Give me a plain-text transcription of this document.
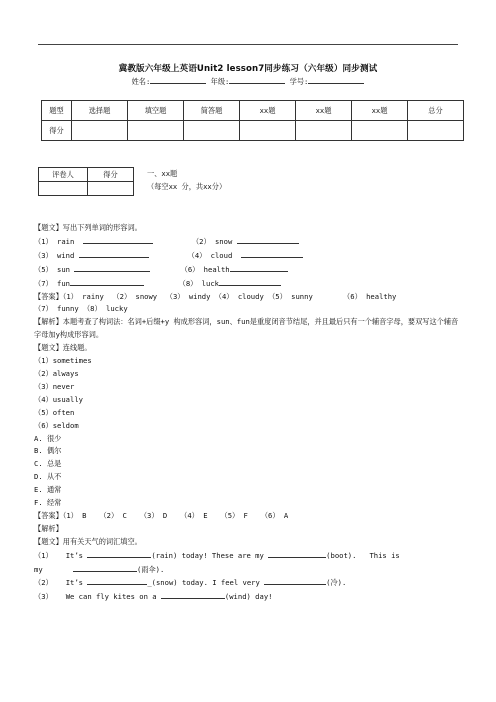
冀教版六年级上英语Unit2 lesson7同步练习（六年级）同步测试
姓名:	年级:	学号:
题型	选择题	填空题	简答题	xx题	xx题	xx题	总分
得分							
评卷人	得分
		一、xx题
（每空xx 分，共xx分）
【题文】写出下列单词的形容词。
（1） rain	（2） snow
（3） wind	（4） cloud
（5） sun	（6） health
（7） fun	（8） luck
【答案】（1） rainy  （2） snowy  （3） windy （4） cloudy （5） sunny       （6） healthy
（7） funny （8） lucky
【解析】本题考查了构词法：名词+后缀+y 构成形容词，sun、fun是重度闭音节结尾，并且最后只有一个辅音字母，要双写这个辅音字母加y构成形容词。
【题文】连线题。
（1）sometimes
（2）always
（3）never
（4）usually
（5）often
（6）seldom
A. 很少
B. 偶尔
C. 总是
D. 从不
E. 通常
F. 经常
【答案】（1） B   （2） C   （3） D   （4） E   （5） F   （6） A
【解析】
【题文】用有关天气的词汇填空。
（1） It’s	(rain) today! These are my	(boot).   This is
my	(雨伞).
（2） It’s	_(snow) today. I feel very	(冷).
（3） We can fly kites on a	(wind) day!
